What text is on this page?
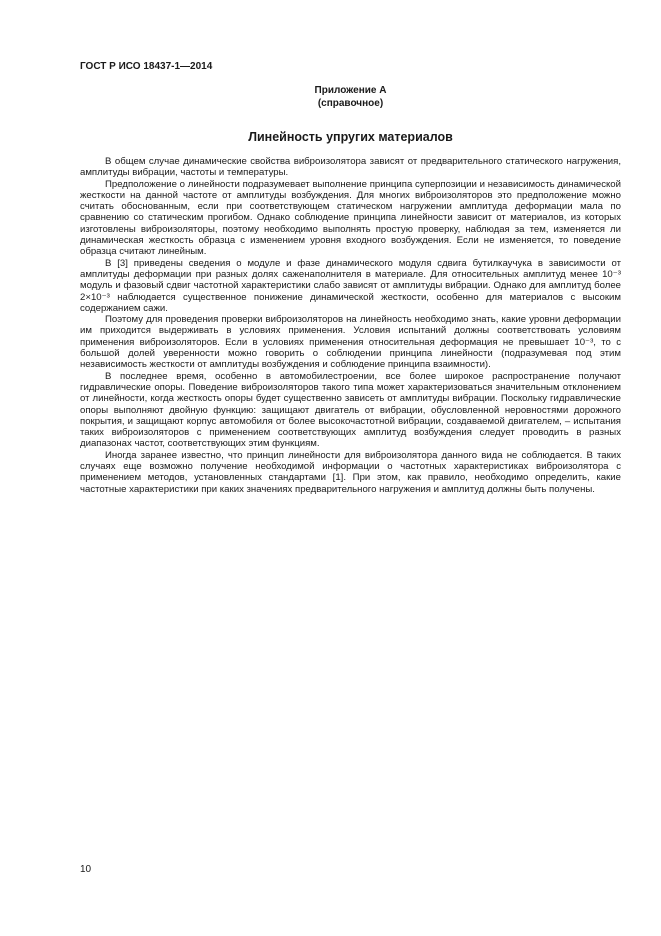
ГОСТ Р ИСО 18437-1—2014
Приложение А
(справочное)
Линейность упругих материалов

В общем случае динамические свойства виброизолятора зависят от предварительного статического нагружения, амплитуды вибрации, частоты и температуры.

Предположение о линейности подразумевает выполнение принципа суперпозиции и независимость динамической жесткости на данной частоте от амплитуды возбуждения. Для многих виброизоляторов это предположение можно считать обоснованным, если при соответствующем статическом нагружении амплитуда деформации мала по сравнению со статическим прогибом. Однако соблюдение принципа линейности зависит от материалов, из которых изготовлены виброизоляторы, поэтому необходимо выполнять простую проверку, наблюдая за тем, изменяется ли динамическая жесткость образца с изменением уровня входного возбуждения. Если не изменяется, то поведение образца считают линейным.

В [3] приведены сведения о модуле и фазе динамического модуля сдвига бутилкаучука в зависимости от амплитуды деформации при разных долях саженаполнителя в материале. Для относительных амплитуд менее 10⁻³ модуль и фазовый сдвиг частотной характеристики слабо зависят от амплитуды вибрации. Однако для амплитуд более 2×10⁻³ наблюдается существенное понижение динамической жесткости, особенно для материалов с высоким содержанием сажи.

Поэтому для проведения проверки виброизоляторов на линейность необходимо знать, какие уровни деформации им приходится выдерживать в условиях применения. Условия испытаний должны соответствовать условиям применения виброизоляторов. Если в условиях применения относительная деформация не превышает 10⁻³, то с большой долей уверенности можно говорить о соблюдении принципа линейности (подразумевая под этим независимость жесткости от амплитуды возбуждения и соблюдение принципа взаимности).

В последнее время, особенно в автомобилестроении, все более широкое распространение получают гидравлические опоры. Поведение виброизоляторов такого типа может характеризоваться значительным отклонением от линейности, когда жесткость опоры будет существенно зависеть от амплитуды вибрации. Поскольку гидравлические опоры выполняют двойную функцию: защищают двигатель от вибрации, обусловленной неровностями дорожного покрытия, и защищают корпус автомобиля от более высокочастотной вибрации, создаваемой двигателем, – испытания таких виброизоляторов с применением соответствующих амплитуд возбуждения следует проводить в разных диапазонах частот, соответствующих этим функциям.

Иногда заранее известно, что принцип линейности для виброизолятора данного вида не соблюдается. В таких случаях еще возможно получение необходимой информации о частотных характеристиках виброизолятора с применением методов, установленных стандартами [1]. При этом, как правило, необходимо определить, какие частотные характеристики при каких значениях предварительного нагружения и амплитуд должны быть получены.

10
